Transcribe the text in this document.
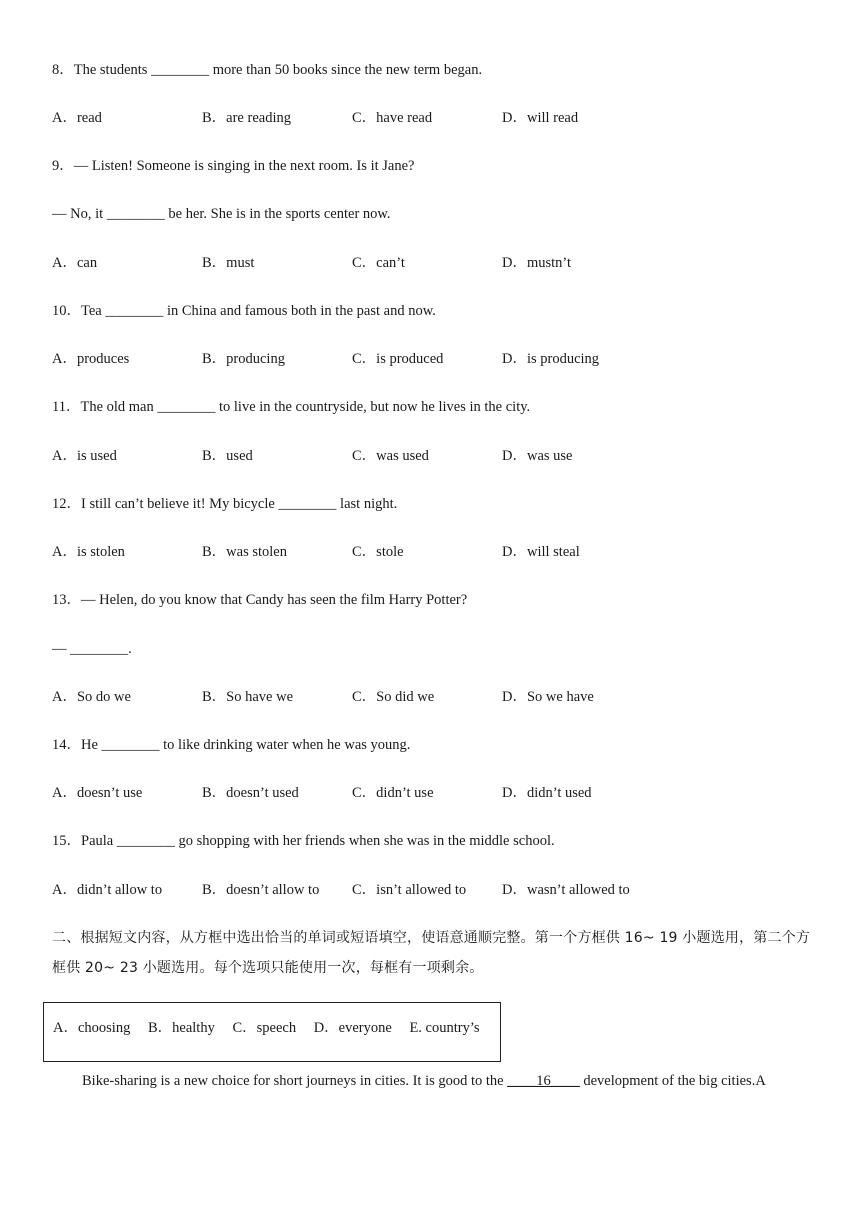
8．The students ________ more than 50 books since the new term began.
A．read	B．are reading	C．have read	D．will read
9．— Listen! Someone is singing in the next room. Is it Jane?
— No, it ________ be her. She is in the sports center now.
A．can	B．must	C．can’t	D．mustn’t
10．Tea ________ in China and famous both in the past and now.
A．produces	B．producing	C．is produced	D．is producing
11．The old man ________ to live in the countryside, but now he lives in the city.
A．is used	B．used	C．was used	D．was use
12．I still can’t believe it! My bicycle ________ last night.
A．is stolen	B．was stolen	C．stole	D．will steal
13．— Helen, do you know that Candy has seen the film Harry Potter?
— ________.
A．So do we	B．So have we	C．So did we	D．So we have
14．He ________ to like drinking water when he was young.
A．doesn’t use	B．doesn’t used	C．didn’t use	D．didn’t used
15．Paula ________ go shopping with her friends when she was in the middle school.
A．didn’t allow to	B．doesn’t allow to C．isn’t allowed to D．wasn’t allowed to
二、根据短文内容，从方框中选出恰当的单词或短语填空，使语意通顺完整。第一个方框供 16~ 19 小题选用，第二个方框供 20~ 23 小题选用。每个选项只能使用一次，每框有一项剩余。
A．choosing B．healthy C．speech D．everyone E. country’s
Bike-sharing is a new choice for short journeys in cities. It is good to the ____16____ development of the big cities.A
